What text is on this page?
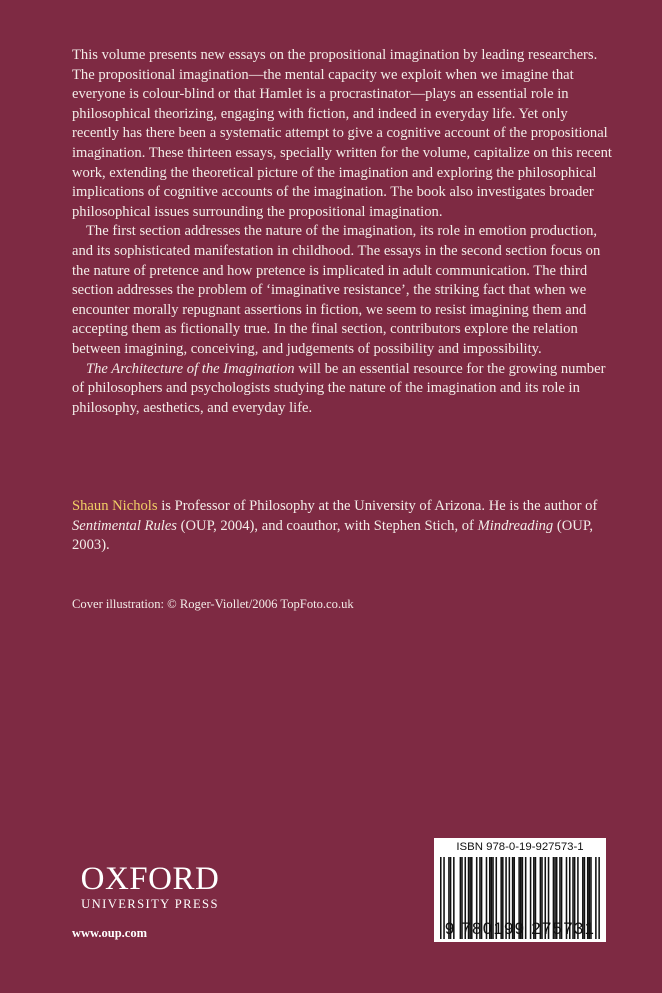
This volume presents new essays on the propositional imagination by leading researchers. The propositional imagination—the mental capacity we exploit when we imagine that everyone is colour-blind or that Hamlet is a procrastinator—plays an essential role in philosophical theorizing, engaging with fiction, and indeed in everyday life. Yet only recently has there been a systematic attempt to give a cognitive account of the propositional imagination. These thirteen essays, specially written for the volume, capitalize on this recent work, extending the theoretical picture of the imagination and exploring the philosophical implications of cognitive accounts of the imagination. The book also investigates broader philosophical issues surrounding the propositional imagination.

The first section addresses the nature of the imagination, its role in emotion production, and its sophisticated manifestation in childhood. The essays in the second section focus on the nature of pretence and how pretence is implicated in adult communication. The third section addresses the problem of ‘imaginative resistance’, the striking fact that when we encounter morally repugnant assertions in fiction, we seem to resist imagining them and accepting them as fictionally true. In the final section, contributors explore the relation between imagining, conceiving, and judgements of possibility and impossibility.

The Architecture of the Imagination will be an essential resource for the growing number of philosophers and psychologists studying the nature of the imagination and its role in philosophy, aesthetics, and everyday life.

Shaun Nichols is Professor of Philosophy at the University of Arizona. He is the author of Sentimental Rules (OUP, 2004), and coauthor, with Stephen Stich, of Mindreading (OUP, 2003).

Cover illustration: © Roger-Viollet/2006 TopFoto.co.uk

OXFORD
UNIVERSITY PRESS
www.oup.com
ISBN 978-0-19-927573-1
9 780199 275731
